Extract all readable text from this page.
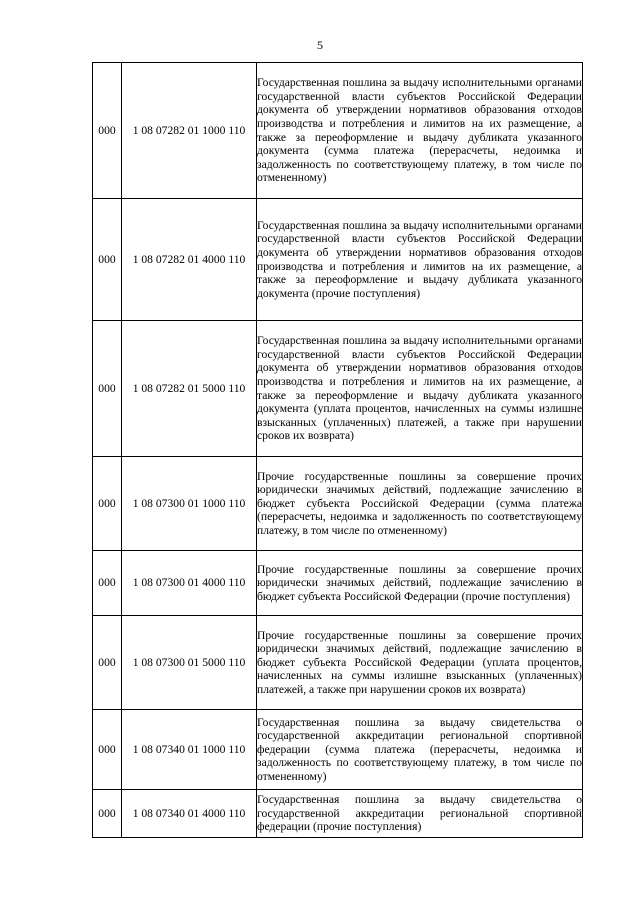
5
000	1 08 07282 01 1000 110	Государственная пошлина за выдачу исполнительными органами государственной власти субъектов Российской Федерации документа об утверждении нормативов образования отходов производства и потребления и лимитов на их размещение, а также за переоформление и выдачу дубликата указанного документа (сумма платежа (перерасчеты, недоимка и задолженность по соответствующему платежу, в том числе по отмененному)
000	1 08 07282 01 4000 110	Государственная пошлина за выдачу исполнительными органами государственной власти субъектов Российской Федерации документа об утверждении нормативов образования отходов производства и потребления и лимитов на их размещение, а также за переоформление и выдачу дубликата указанного документа (прочие поступления)
000	1 08 07282 01 5000 110	Государственная пошлина за выдачу исполнительными органами государственной власти субъектов Российской Федерации документа об утверждении нормативов образования отходов производства и потребления и лимитов на их размещение, а также за переоформление и выдачу дубликата указанного документа (уплата процентов, начисленных на суммы излишне взысканных (уплаченных) платежей, а также при нарушении сроков их возврата)
000	1 08 07300 01 1000 110	Прочие государственные пошлины за совершение прочих юридически значимых действий, подлежащие зачислению в бюджет субъекта Российской Федерации (сумма платежа (перерасчеты, недоимка и задолженность по соответствующему платежу, в том числе по отмененному)
000	1 08 07300 01 4000 110	Прочие государственные пошлины за совершение прочих юридически значимых действий, подлежащие зачислению в бюджет субъекта Российской Федерации (прочие поступления)
000	1 08 07300 01 5000 110	Прочие государственные пошлины за совершение прочих юридически значимых действий, подлежащие зачислению в бюджет субъекта Российской Федерации (уплата процентов, начисленных на суммы излишне взысканных (уплаченных) платежей, а также при нарушении сроков их возврата)
000	1 08 07340 01 1000 110	Государственная пошлина за выдачу свидетельства о государственной аккредитации региональной спортивной федерации (сумма платежа (перерасчеты, недоимка и задолженность по соответствующему платежу, в том числе по отмененному)
000	1 08 07340 01 4000 110	Государственная пошлина за выдачу свидетельства о государственной аккредитации региональной спортивной федерации (прочие поступления)
